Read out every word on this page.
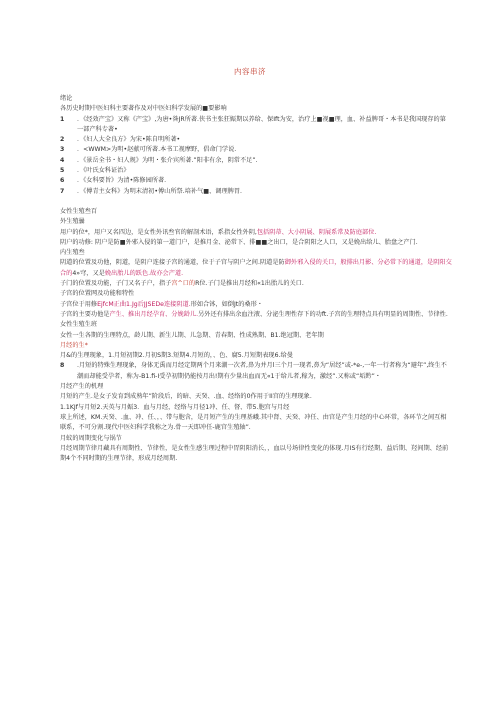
内容串济

绪论

各历史时期中医妇科主要著作及对中医妇科学发展的■要影响

1	．《经效产宝》又称《产宝》,为唐•昝JR所著.侠书主张狂娠期以养给、保Ift为安，治疗上■视■理，血、补益脾哥・本书是我国现存的第一部产科专著•
2	．《妇人大全良方》为宋•陈自明所著•
3	．<WWM>为明•赵献可所著.本书工视摩野，倡命门学说.
4	．《景岳全书・妇人规》为明・张介宾所著.”阳非有余，阴常不足”.
5	．《叶氏女科证治》
6	．《女科要旨》为清•陈修园所著.
7	．《傅青主女科》为明末清初•傅山所祭.培补气■、调理脾胃.

女性生殖叁百

外生殖曇

用户的位*，用户又名四边，是女性外讯叁官的解剖术语，系指女性外阴,包括阴蒂、大小阴展、阴展系常及防庭部位.

阴户的功修: 阴户是防■外邪入侵的第一道门户，是推月金、泌常下、排■■之出口，是合阴阳之人口，又是娩出给儿、胎盘之产门.

内生殖叁

阴道的位置及功他，阴道，是阴户连接子宫的通道，位于子宫与阴户之间.阴道是防御外邪入侵的关口，般排出月影、分必常下的通道，是阴阳交合的4»穹，又是娩出胎儿的跃色.故亦会产道.

子门的位置及功能，子门又名子户，指子宫^口的R位.子门是推出月经和«1出胎儿的关口.

子宫的位置网及功能和特性

子宫位于用修EjfcM正曲1.Jg后JJSEDe连接阴道.形如合钵，如倒Jt的桑形・

子宫的主要功他是产生、推出月经孕育、分娩龄儿.另外还有排出余血注液、分泌生理性存下的功ft.子宫的生理特点具有明显的周期性、节律性.

女性生殖生班

女性一生各期的生理特点，龄儿期、新生儿期、儿急期、青春期、性成熟期、B1.绝冠期、老年期

月经的生*

月&的生理现象，1.月短初期2.月初S期3.短期4.月短的，、色、腐5.月短期表现6.给曼

8	.月短的特殊生理现象，身体无禹而月经定期两个月来潮一次者,鼻为并月l三个月一现者,鼻为“居经”或-*e-,一年一行者称为“避年”,终生不潮而却能受孕者，称为-B1.fi-I受孕初期仍能按月出!期有少量出血而无«1于给儿者,稼为，激经”.又称或“垢黔”・

月经产生的机理

月短的产生.是女子发育到成熟年”阶段后，的暗、天癸、.血、经络的0作用于II宫的生理现象.

1.1KJf与月短2.天英与月娠3．血与月经，经络与月径1冲、任、督、带5.胞宫与月经

球上所述，KM.天癸、.血、冲、任、，、带与胞含，是月短产生的生理基峨.其中肾、天癸、冲任、由宫是产生月经的中心环常，各环节之间互相联系，不可分割.现代中医妇科学我称之为.骨一天即冲任-鹿宫生殖轴”.

月蚊的周期变化与锅节

月经周期节律月藏具有周期性、节律性，是女性生感生理过程中胃阴阳消长，，血以号场律性变化的体现.月IS有行经期、益后期、羟间期、经前期4个不同时期的生理节律，形成月经周期.
